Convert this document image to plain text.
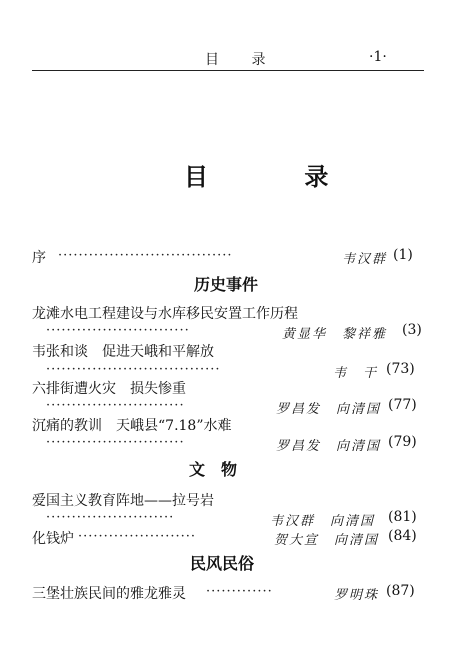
目 录	·1·
目 录
序 ··································	韦汉群 (1)
历史事件
龙滩水电工程建设与水库移民安置工作历程
····························	黄显华　黎祥雅 (3)
韦张和谈　促进天峨和平解放
··································	韦　干 (73)
六排街遭火灾　损失惨重
···························	罗昌发　向清国 (77)
沉痛的教训　天峨县“7.18”水难
···························	罗昌发　向清国 (79)
文　物
爱国主义教育阵地——拉号岩
·························	韦汉群　向清国 (81)
化钱炉 ·······················	贺大宣　向清国 (84)
民风民俗
三堡壮族民间的雅龙雅灵 ·············	罗明珠 (87)
